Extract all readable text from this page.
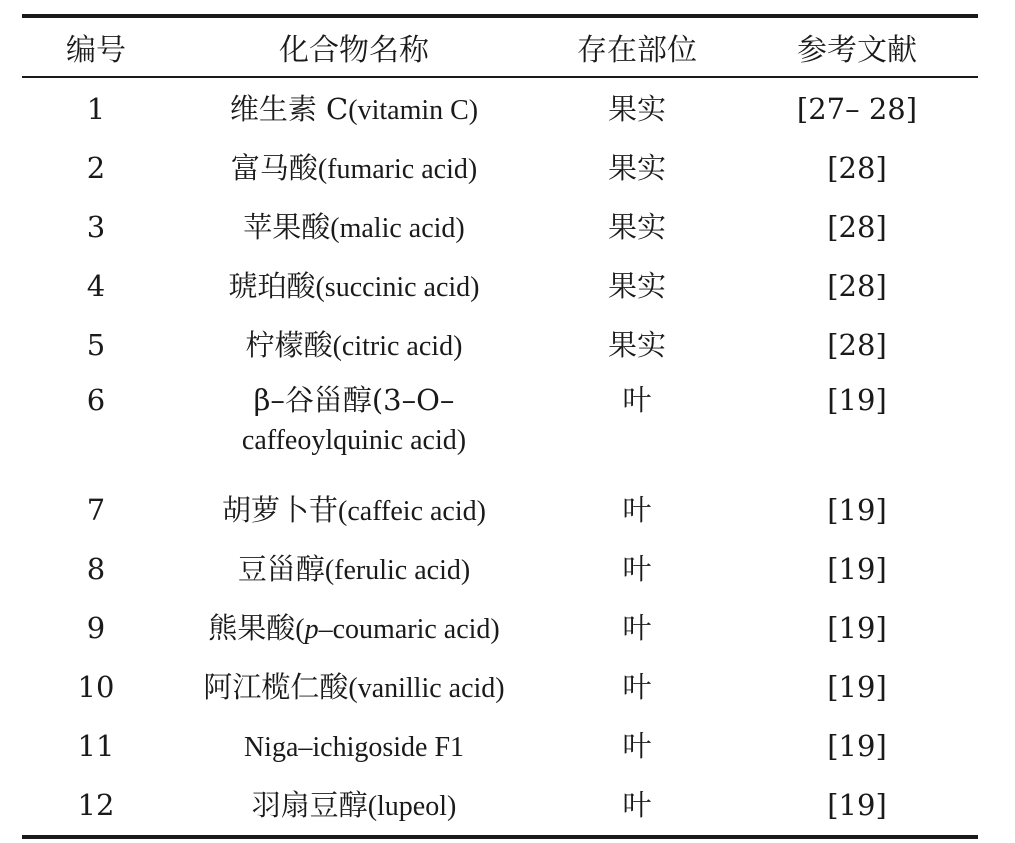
编号	化合物名称	存在部位	参考文献
1	维生素 C(vitamin C)	果实	[27– 28]
2	富马酸(fumaric acid)	果实	[28]
3	苹果酸(malic acid)	果实	[28]
4	琥珀酸(succinic acid)	果实	[28]
5	柠檬酸(citric acid)	果实	[28]
6	β–谷甾醇(3–O–
caffeoylquinic acid)	叶	[19]
7	胡萝卜苷(caffeic acid)	叶	[19]
8	豆甾醇(ferulic acid)	叶	[19]
9	熊果酸(p–coumaric acid)	叶	[19]
10	阿江榄仁酸(vanillic acid)	叶	[19]
11	Niga–ichigoside F1	叶	[19]
12	羽扇豆醇(lupeol)	叶	[19]
